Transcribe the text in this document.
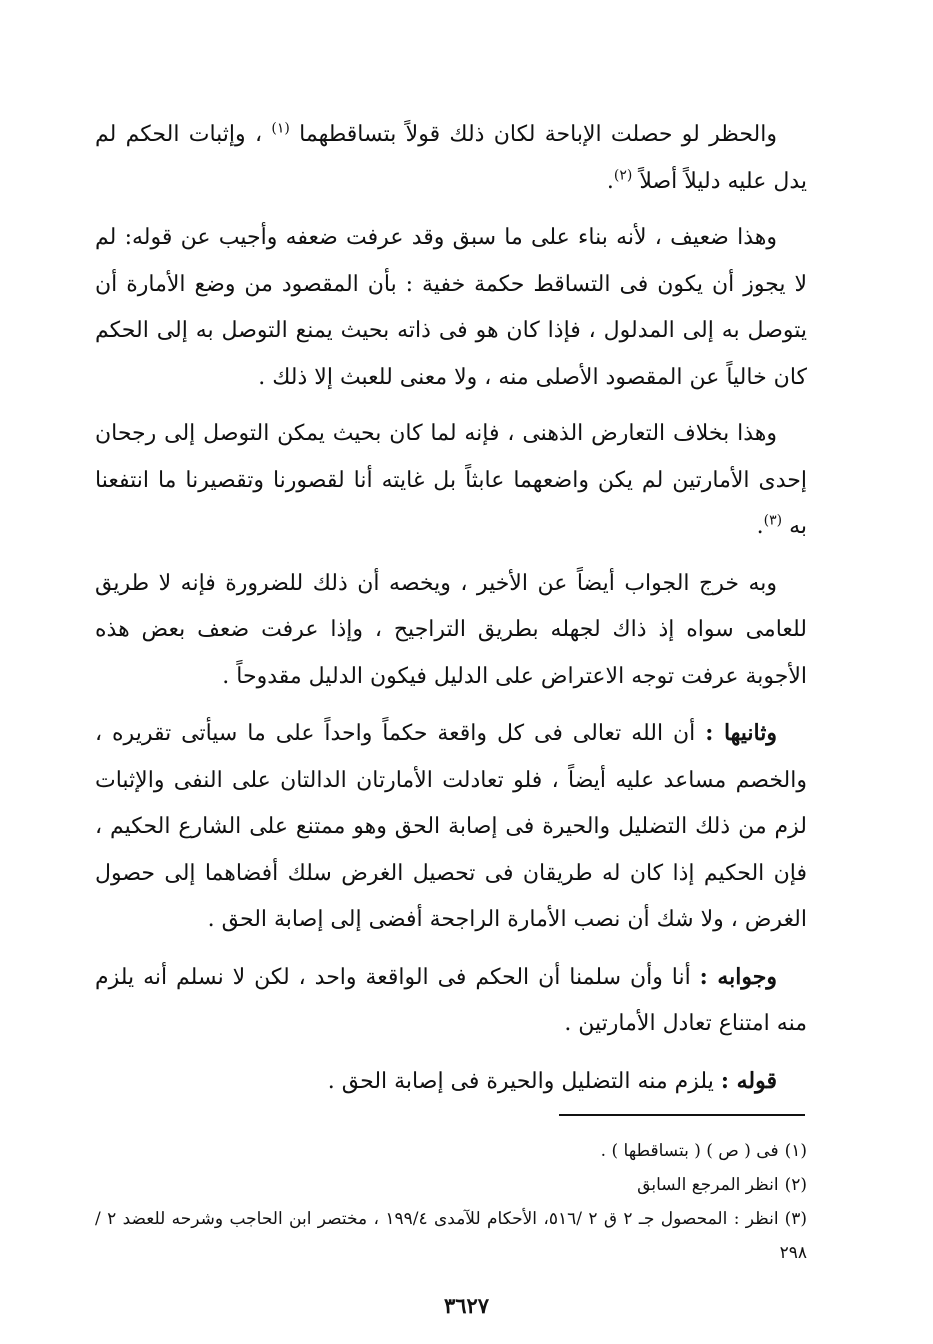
والحظر لو حصلت الإباحة لكان ذلك قولاً بتساقطهما $^{(١)}$ ، وإثبات الحكم لم يدل عليه دليلاً أصلاً $^{(٢)}$.

وهذا ضعيف ، لأنه بناء على ما سبق وقد عرفت ضعفه وأجيب عن قوله: لم لا يجوز أن يكون فى التساقط حكمة خفية : بأن المقصود من وضع الأمارة أن يتوصل به إلى المدلول ، فإذا كان هو فى ذاته بحيث يمنع التوصل به إلى الحكم كان خالياً عن المقصود الأصلى منه ، ولا معنى للعبث إلا ذلك .

وهذا بخلاف التعارض الذهنى ، فإنه لما كان بحيث يمكن التوصل إلى رجحان إحدى الأمارتين لم يكن واضعهما عابثاً بل غايته أنا لقصورنا وتقصيرنا ما انتفعنا به $^{(٣)}$.

وبه خرج الجواب أيضاً عن الأخير ، ويخصه أن ذلك للضرورة فإنه لا طريق للعامى سواه إذ ذاك لجهله بطريق التراجيح ، وإذا عرفت ضعف بعض هذه الأجوبة عرفت توجه الاعتراض على الدليل فيكون الدليل مقدوحاً .

وثانيها : أن الله تعالى فى كل واقعة حكماً واحداً على ما سيأتى تقريره ، والخصم مساعد عليه أيضاً ، فلو تعادلت الأمارتان الدالتان على النفى والإثبات لزم من ذلك التضليل والحيرة فى إصابة الحق وهو ممتنع على الشارع الحكيم ، فإن الحكيم إذا كان له طريقان فى تحصيل الغرض سلك أفضاهما إلى حصول الغرض ، ولا شك أن نصب الأمارة الراجحة أفضى إلى إصابة الحق .

وجوابه : أنا وأن سلمنا أن الحكم فى الواقعة واحد ، لكن لا نسلم أنه يلزم منه امتناع تعادل الأمارتين .

قوله : يلزم منه التضليل والحيرة فى إصابة الحق .

(١)فى ( ص ) ( بتساقطها ) .

(٢)انظر المرجع السابق

(٣)انظر : المحصول جـ ٢ ق ٢ /٥١٦، الأحكام للآمدى ١٩٩/٤ ، مختصر ابن الحاجب وشرحه للعضد ٢ / ٢٩٨

٣٦٢٧
